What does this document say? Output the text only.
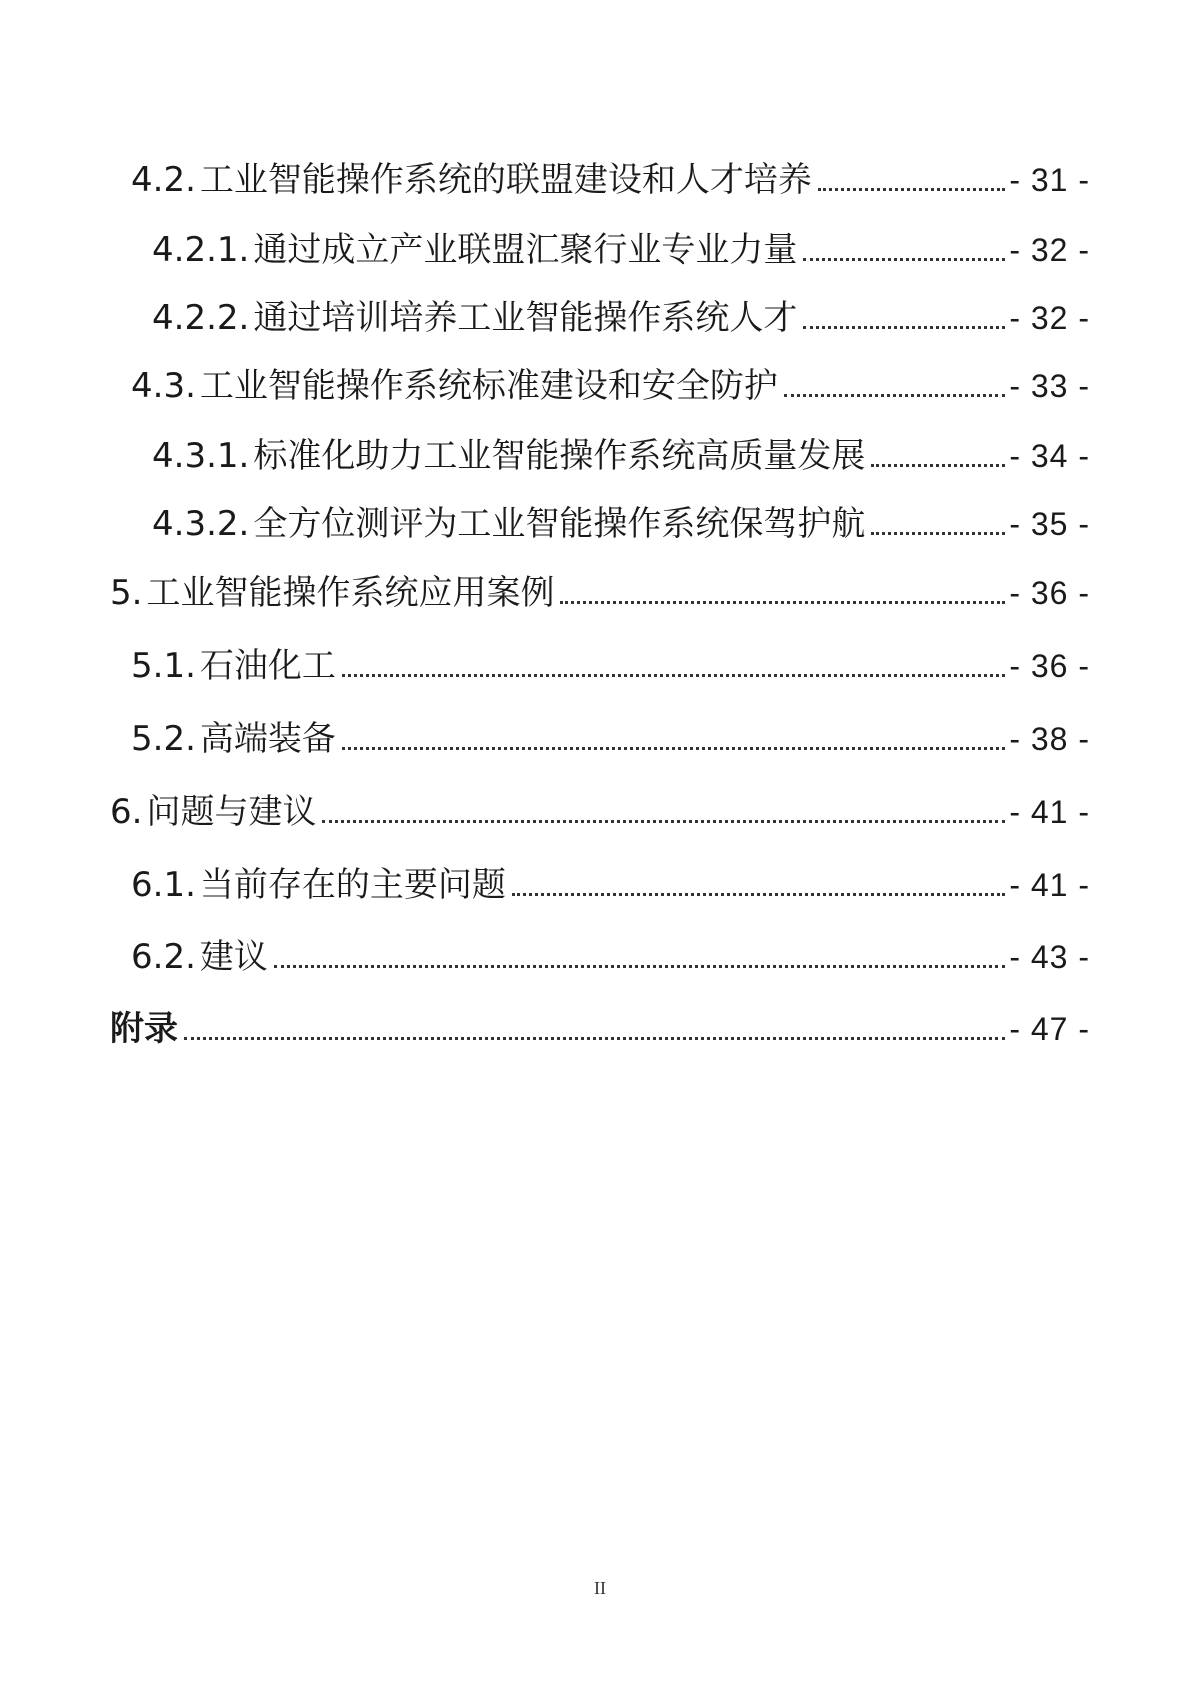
4.2. 工业智能操作系统的联盟建设和人才培养	- 31 -
4.2.1. 通过成立产业联盟汇聚行业专业力量	- 32 -
4.2.2. 通过培训培养工业智能操作系统人才	- 32 -
4.3. 工业智能操作系统标准建设和安全防护	- 33 -
4.3.1. 标准化助力工业智能操作系统高质量发展	- 34 -
4.3.2. 全方位测评为工业智能操作系统保驾护航	- 35 -
5. 工业智能操作系统应用案例	- 36 -
5.1. 石油化工	- 36 -
5.2. 高端装备	- 38 -
6. 问题与建议	- 41 -
6.1. 当前存在的主要问题	- 41 -
6.2. 建议	- 43 -
附录	- 47 -
II
